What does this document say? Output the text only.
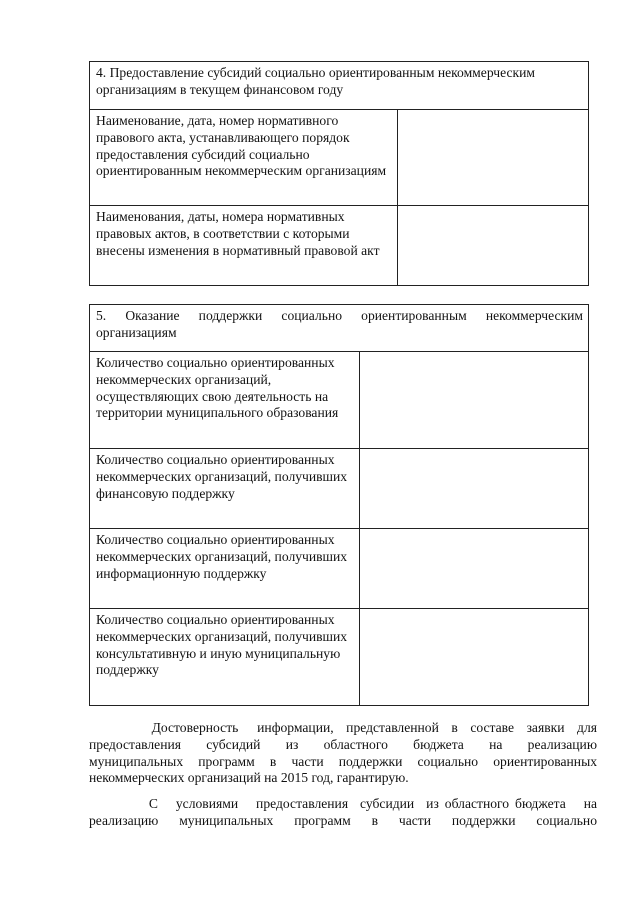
4. Предоставление субсидий социально ориентированным некоммерческим организациям в текущем финансовом году	
Наименование, дата, номер нормативного правового акта, устанавливающего порядок предоставления субсидий социально ориентированным некоммерческим организациям	
Наименования, даты, номера нормативных правовых актов, в соответствии с которыми внесены изменения в нормативный правовой акт	
5.  Оказание  поддержки  социально  ориентированным  некоммерческим
организациям	

Количество социально ориентированных некоммерческих организаций, осуществляющих свою деятельность на территории муниципального образования	
Количество социально ориентированных некоммерческих организаций, получивших финансовую поддержку	
Количество социально ориентированных некоммерческих организаций, получивших информационную поддержку	
Количество социально ориентированных некоммерческих организаций, получивших консультативную и иную муниципальную поддержку	
Достоверность   информации,  представленной  в  составе  заявки  для
предоставления субсидий из областного бюджета на реализацию
муниципальных программ в части поддержки социально ориентированных
некоммерческих организаций на 2015 год, гарантирую.
С   условиями   предоставления  субсидии  из областного бюджета   на
реализацию муниципальных программ в части поддержки социально
